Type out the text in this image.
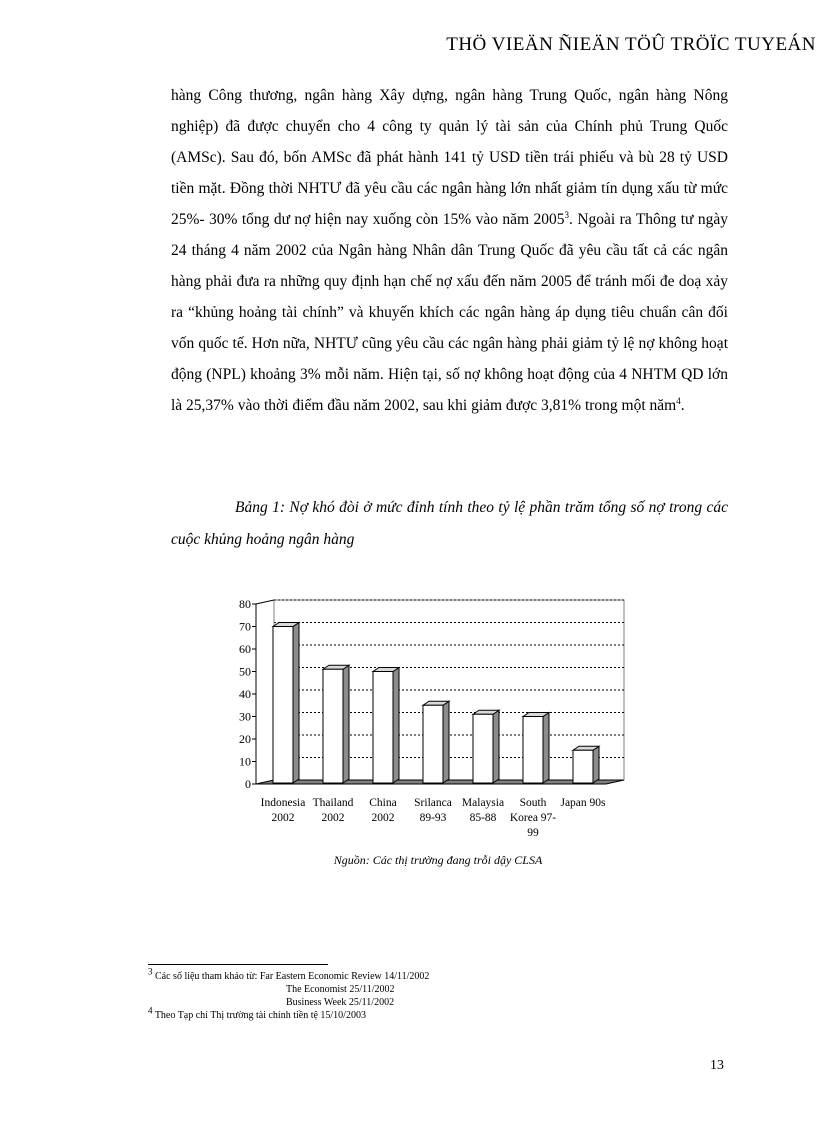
THÖ VIEÄN ÑIEÄN TÖÛ TRÖÏC TUYEÁN

hàng Công thương, ngân hàng Xây dựng, ngân hàng Trung Quốc, ngân hàng Nông nghiệp) đã được chuyển cho 4 công ty quản lý tài sản của Chính phủ Trung Quốc (AMSc). Sau đó, bốn AMSc đã phát hành 141 tỷ USD tiền trái phiếu và bù 28 tỷ USD tiền mặt. Đồng thời NHTƯ đã yêu cầu các ngân hàng lớn nhất giảm tín dụng xấu từ mức 25%- 30% tổng dư nợ hiện nay xuống còn 15% vào năm 2005$^3$. Ngoài ra Thông tư ngày 24 tháng 4 năm 2002 của Ngân hàng Nhân dân Trung Quốc đã yêu cầu tất cả các ngân hàng phải đưa ra những quy định hạn chế nợ xấu đến năm 2005 để tránh mối đe doạ xảy ra “khủng hoảng tài chính” và khuyến khích các ngân hàng áp dụng tiêu chuẩn cân đối vốn quốc tế. Hơn nữa, NHTƯ cũng yêu cầu các ngân hàng phải giảm tỷ lệ nợ không hoạt động (NPL) khoảng 3% mỗi năm. Hiện tại, số nợ không hoạt động của 4 NHTM QD lớn là 25,37% vào thời điểm đầu năm 2002, sau khi giảm được 3,81% trong một năm$^4$.

Bảng 1: Nợ khó đòi ở mức đỉnh tính theo tỷ lệ phần trăm tổng số nợ trong các cuộc khủng hoảng ngân hàng
0
10
20
30
40
50
60
70
80
Indonesia
2002
Thailand
2002
China
2002
Srilanca
89-93
Malaysia
85-88
South
Korea 97-
99
Japan 90s
Nguồn: Các thị trường đang trỗi dậy CLSA
$^3$ Các số liệu tham khảo từ: Far Eastern Economic Review 14/11/2002
The Economist 25/11/2002
Business Week 25/11/2002
$^4$ Theo Tạp chí Thị trường tài chính tiền tệ 15/10/2003
13
